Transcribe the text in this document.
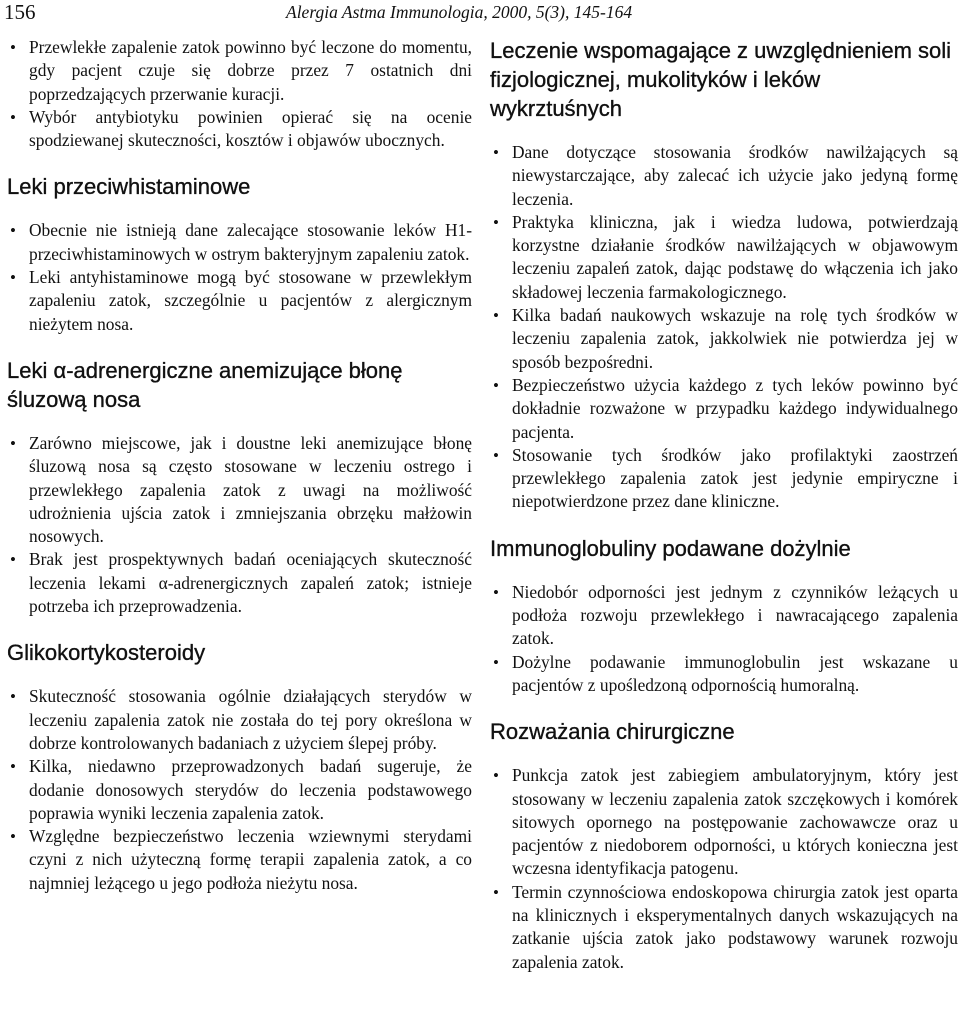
156	Alergia Astma Immunologia, 2000, 5(3), 145-164
• Przewlekłe zapalenie zatok powinno być leczone do momentu, gdy pacjent czuje się dobrze przez 7 ostatnich dni poprzedzających przerwanie kuracji.
• Wybór antybiotyku powinien opierać się na ocenie spodziewanej skuteczności, kosztów i objawów ubocznych.
Leki przeciwhistaminowe
• Obecnie nie istnieją dane zalecające stosowanie leków H1-przeciwhistaminowych w ostrym bakteryjnym zapaleniu zatok.
• Leki antyhistaminowe mogą być stosowane w przewlekłym zapaleniu zatok, szczególnie u pacjentów z alergicznym nieżytem nosa.
Leki α-adrenergiczne anemizujące błonę śluzową nosa
• Zarówno miejscowe, jak i doustne leki anemizujące błonę śluzową nosa są często stosowane w leczeniu ostrego i przewlekłego zapalenia zatok z uwagi na możliwość udrożnienia ujścia zatok i zmniejszania obrzęku małżowin nosowych.
• Brak jest prospektywnych badań oceniających skuteczność leczenia lekami α-adrenergicznych zapaleń zatok; istnieje potrzeba ich przeprowadzenia.
Glikokortykosteroidy
• Skuteczność stosowania ogólnie działających sterydów w leczeniu zapalenia zatok nie została do tej pory określona w dobrze kontrolowanych badaniach z użyciem ślepej próby.
• Kilka, niedawno przeprowadzonych badań sugeruje, że dodanie donosowych sterydów do leczenia podstawowego poprawia wyniki leczenia zapalenia zatok.
• Względne bezpieczeństwo leczenia wziewnymi sterydami czyni z nich użyteczną formę terapii zapalenia zatok, a co najmniej leżącego u jego podłoża nieżytu nosa.
Leczenie wspomagające z uwzględnieniem soli fizjologicznej, mukolityków i leków wykrztuśnych
• Dane dotyczące stosowania środków nawilżających są niewystarczające, aby zalecać ich użycie jako jedyną formę leczenia.
• Praktyka kliniczna, jak i wiedza ludowa, potwierdzają korzystne działanie środków nawilżających w objawowym leczeniu zapaleń zatok, dając podstawę do włączenia ich jako składowej leczenia farmakologicznego.
• Kilka badań naukowych wskazuje na rolę tych środków w leczeniu zapalenia zatok, jakkolwiek nie potwierdza jej w sposób bezpośredni.
• Bezpieczeństwo użycia każdego z tych leków powinno być dokładnie rozważone w przypadku każdego indywidualnego pacjenta.
• Stosowanie tych środków jako profilaktyki zaostrzeń przewlekłego zapalenia zatok jest jedynie empiryczne i niepotwierdzone przez dane kliniczne.
Immunoglobuliny podawane dożylnie
• Niedobór odporności jest jednym z czynników leżących u podłoża rozwoju przewlekłego i nawracającego zapalenia zatok.
• Dożylne podawanie immunoglobulin jest wskazane u pacjentów z upośledzoną odpornością humoralną.
Rozważania chirurgiczne
• Punkcja zatok jest zabiegiem ambulatoryjnym, który jest stosowany w leczeniu zapalenia zatok szczękowych i komórek sitowych opornego na postępowanie zachowawcze oraz u pacjentów z niedoborem odporności, u których konieczna jest wczesna identyfikacja patogenu.
• Termin czynnościowa endoskopowa chirurgia zatok jest oparta na klinicznych i eksperymentalnych danych wskazujących na zatkanie ujścia zatok jako podstawowy warunek rozwoju zapalenia zatok.
